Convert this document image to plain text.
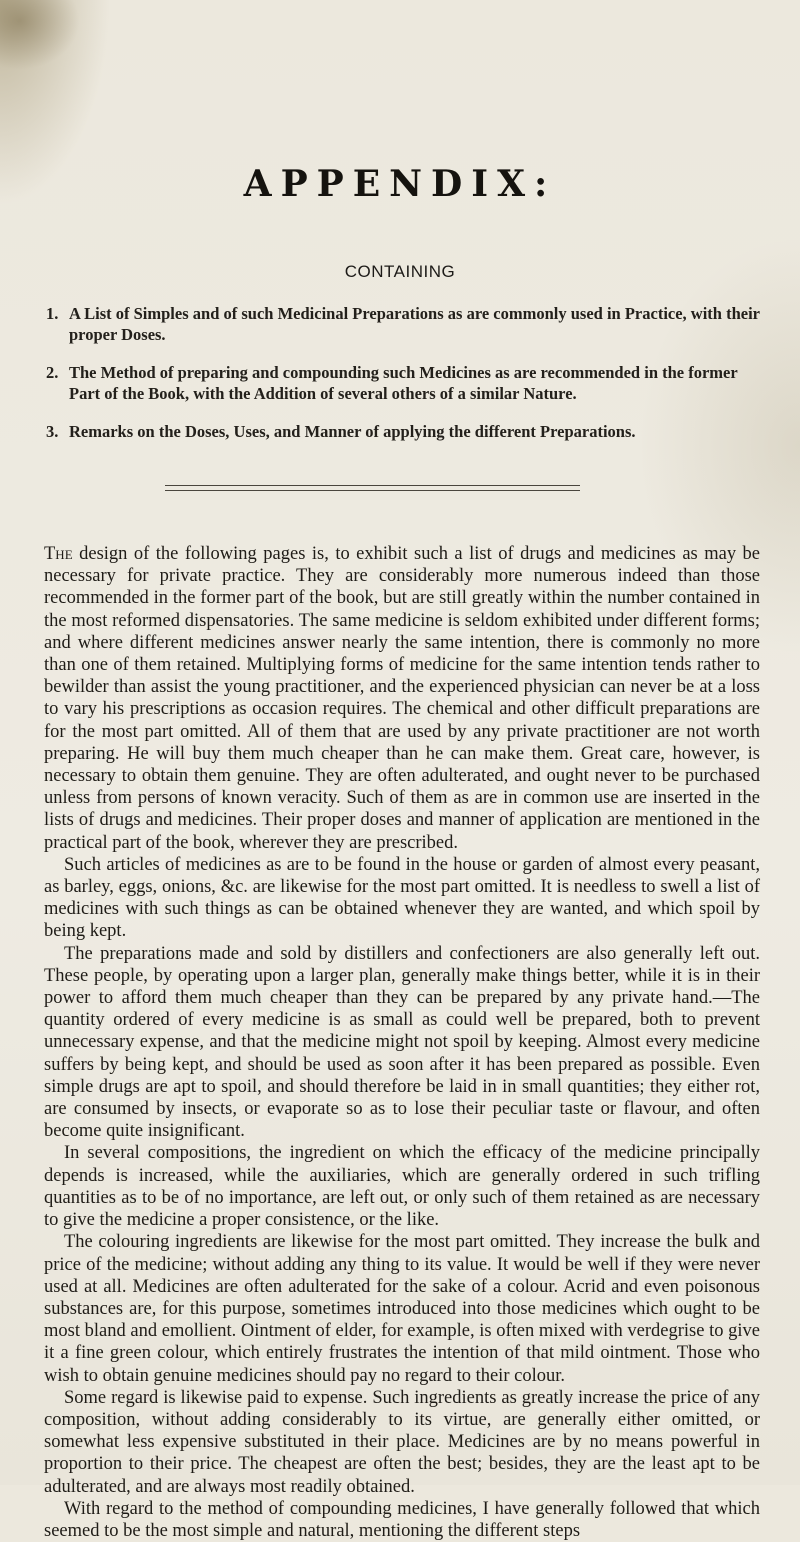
APPENDIX:
CONTAINING
1. A List of Simples and of such Medicinal Preparations as are commonly used in Practice, with their proper Doses.
2. The Method of preparing and compounding such Medicines as are recommended in the former Part of the Book, with the Addition of several others of a similar Nature.
3. Remarks on the Doses, Uses, and Manner of applying the different Preparations.

The design of the following pages is, to exhibit such a list of drugs and medicines as may be necessary for private practice. They are considerably more numerous indeed than those recommended in the former part of the book, but are still greatly within the number contained in the most reformed dispensatories. The same medicine is seldom exhibited under different forms; and where different medicines answer nearly the same intention, there is commonly no more than one of them retained. Multiplying forms of medicine for the same intention tends rather to bewilder than assist the young practitioner, and the experienced physician can never be at a loss to vary his prescriptions as occasion requires. The chemical and other difficult preparations are for the most part omitted. All of them that are used by any private practitioner are not worth preparing. He will buy them much cheaper than he can make them. Great care, however, is necessary to obtain them genuine. They are often adulterated, and ought never to be purchased unless from persons of known veracity. Such of them as are in common use are inserted in the lists of drugs and medicines. Their proper doses and manner of application are mentioned in the practical part of the book, wherever they are prescribed.

Such articles of medicines as are to be found in the house or garden of almost every peasant, as barley, eggs, onions, &c. are likewise for the most part omitted. It is needless to swell a list of medicines with such things as can be obtained whenever they are wanted, and which spoil by being kept.

The preparations made and sold by distillers and confectioners are also generally left out. These people, by operating upon a larger plan, generally make things better, while it is in their power to afford them much cheaper than they can be prepared by any private hand.—The quantity ordered of every medicine is as small as could well be prepared, both to prevent unnecessary expense, and that the medicine might not spoil by keeping. Almost every medicine suffers by being kept, and should be used as soon after it has been prepared as possible. Even simple drugs are apt to spoil, and should therefore be laid in in small quantities; they either rot, are consumed by insects, or evaporate so as to lose their peculiar taste or flavour, and often become quite insignificant.

In several compositions, the ingredient on which the efficacy of the medicine principally depends is increased, while the auxiliaries, which are generally ordered in such trifling quantities as to be of no importance, are left out, or only such of them retained as are necessary to give the medicine a proper consistence, or the like.

The colouring ingredients are likewise for the most part omitted. They increase the bulk and price of the medicine; without adding any thing to its value. It would be well if they were never used at all. Medicines are often adulterated for the sake of a colour. Acrid and even poisonous substances are, for this purpose, sometimes introduced into those medicines which ought to be most bland and emollient. Ointment of elder, for example, is often mixed with verdegrise to give it a fine green colour, which entirely frustrates the intention of that mild ointment. Those who wish to obtain genuine medicines should pay no regard to their colour.

Some regard is likewise paid to expense. Such ingredients as greatly increase the price of any composition, without adding considerably to its virtue, are generally either omitted, or somewhat less expensive substituted in their place. Medicines are by no means powerful in proportion to their price. The cheapest are often the best; besides, they are the least apt to be adulterated, and are always most readily obtained.

With regard to the method of compounding medicines, I have generally followed that which seemed to be the most simple and natural, mentioning the different steps
